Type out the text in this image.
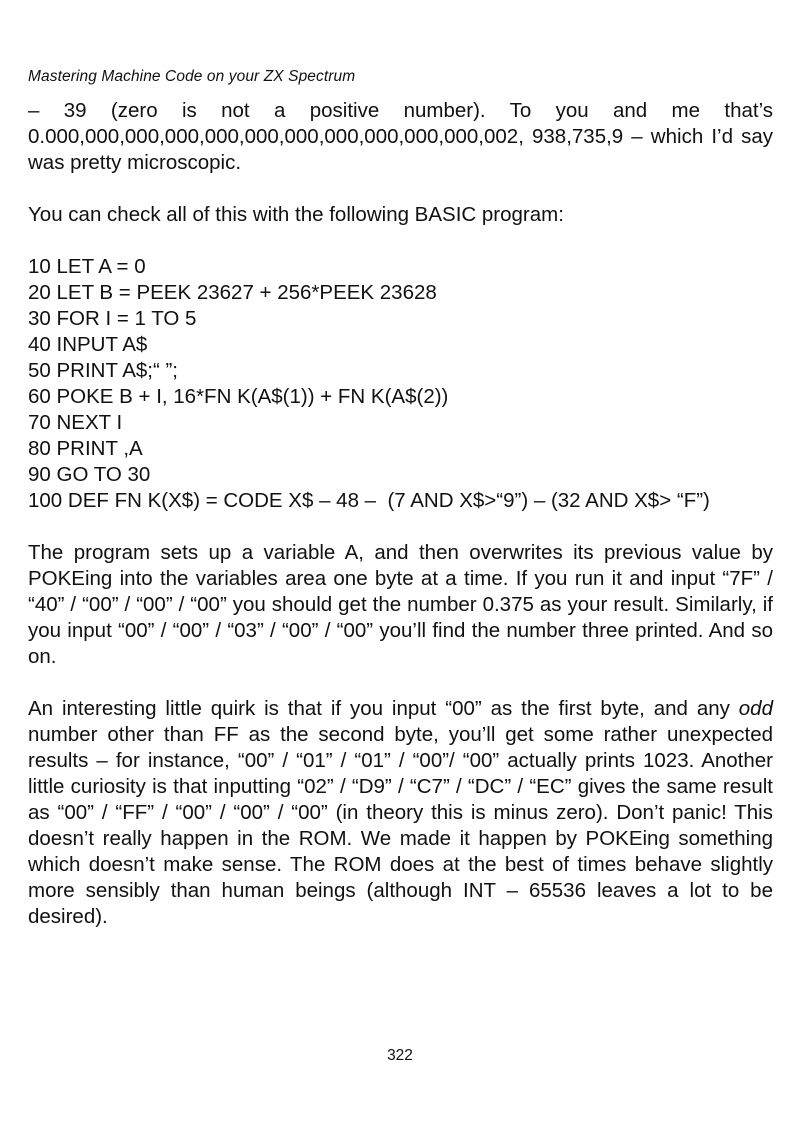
Mastering Machine Code on your ZX Spectrum

– 39 (zero is not a positive number). To you and me that’s 0.000,000,000,000,000,000,000,000,000,000,000,002, 938,735,9 – which I’d say was pretty microscopic.

You can check all of this with the following BASIC program:

10 LET A = 0
20 LET B = PEEK 23627 + 256*PEEK 23628
30 FOR I = 1 TO 5
40 INPUT A$
50 PRINT A$;“ ”;
60 POKE B + I, 16*FN K(A$(1)) + FN K(A$(2))
70 NEXT I
80 PRINT ,A
90 GO TO 30
100 DEF FN K(X$) = CODE X$ – 48 –  (7 AND X$>“9”) – (32 AND X$> “F”)

The program sets up a variable A, and then overwrites its previous value by POKEing into the variables area one byte at a time. If you run it and input “7F” / “40” / “00” / “00” / “00” you should get the number 0.375 as your result. Similarly, if you input “00” / “00” / “03” / “00” / “00” you’ll find the number three printed. And so on.

An interesting little quirk is that if you input “00” as the first byte, and any odd number other than FF as the second byte, you’ll get some rather unexpected results – for instance, “00” / “01” / “01” / “00”/ “00” actually prints 1023. Another little curiosity is that inputting “02” / “D9” / “C7” / “DC” / “EC” gives the same result as “00” / “FF” / “00” / “00” / “00” (in theory this is minus zero). Don’t panic! This doesn’t really happen in the ROM. We made it happen by POKEing something which doesn’t make sense. The ROM does at the best of times behave slightly more sensibly than human beings (although INT – 65536 leaves a lot to be desired).

322
